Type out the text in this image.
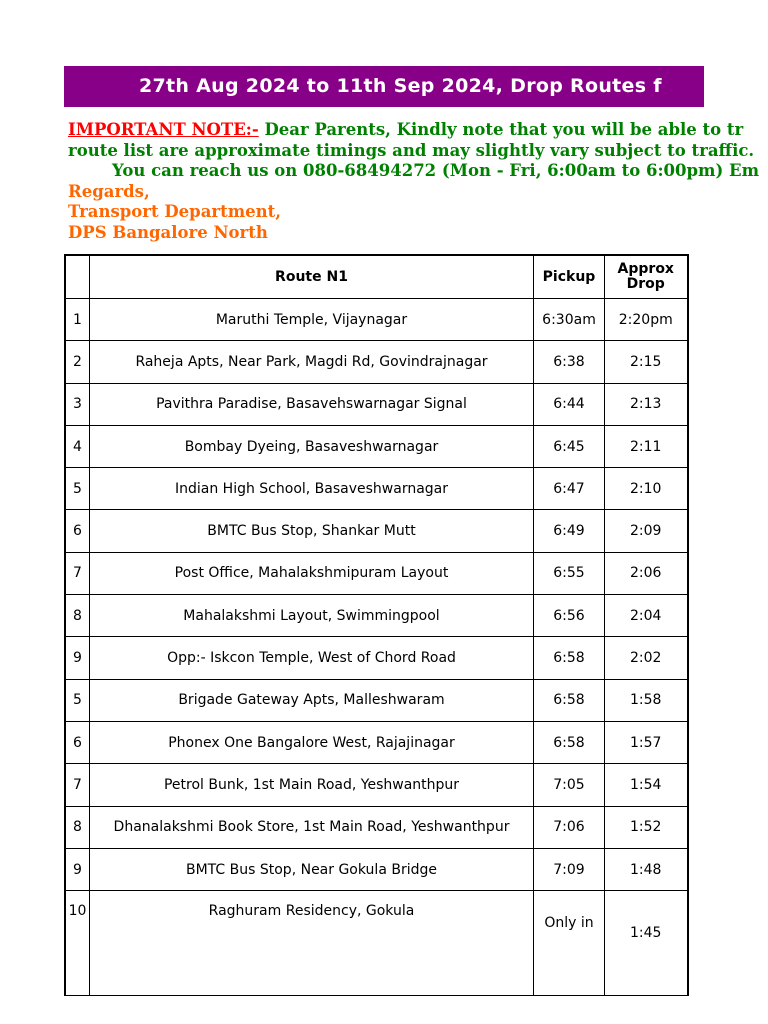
27th Aug 2024 to 11th Sep 2024, Drop Routes f
IMPORTANT NOTE:- Dear Parents, Kindly note that you will be able to tr
route list are approximate timings and may slightly vary subject to traffic.
You can reach us on 080-68494272 (Mon - Fri, 6:00am to 6:00pm) Em
Regards,
Transport Department,
DPS Bangalore North
	Route N1	Pickup	Approx
Drop
1	Maruthi Temple, Vijaynagar	6:30am	2:20pm
2	Raheja Apts, Near Park, Magdi Rd, Govindrajnagar	6:38	2:15
3	Pavithra Paradise, Basavehswarnagar Signal	6:44	2:13
4	Bombay Dyeing, Basaveshwarnagar	6:45	2:11
5	Indian High School, Basaveshwarnagar	6:47	2:10
6	BMTC Bus Stop, Shankar Mutt	6:49	2:09
7	Post Office, Mahalakshmipuram Layout	6:55	2:06
8	Mahalakshmi Layout, Swimmingpool	6:56	2:04
9	Opp:- Iskcon Temple, West of Chord Road	6:58	2:02
5	Brigade Gateway Apts, Malleshwaram	6:58	1:58
6	Phonex One Bangalore West, Rajajinagar	6:58	1:57
7	Petrol Bunk, 1st Main Road, Yeshwanthpur	7:05	1:54
8	Dhanalakshmi Book Store, 1st Main Road, Yeshwanthpur	7:06	1:52
9	BMTC Bus Stop, Near Gokula Bridge	7:09	1:48
10	Raghuram Residency, Gokula	Only in	1:45
